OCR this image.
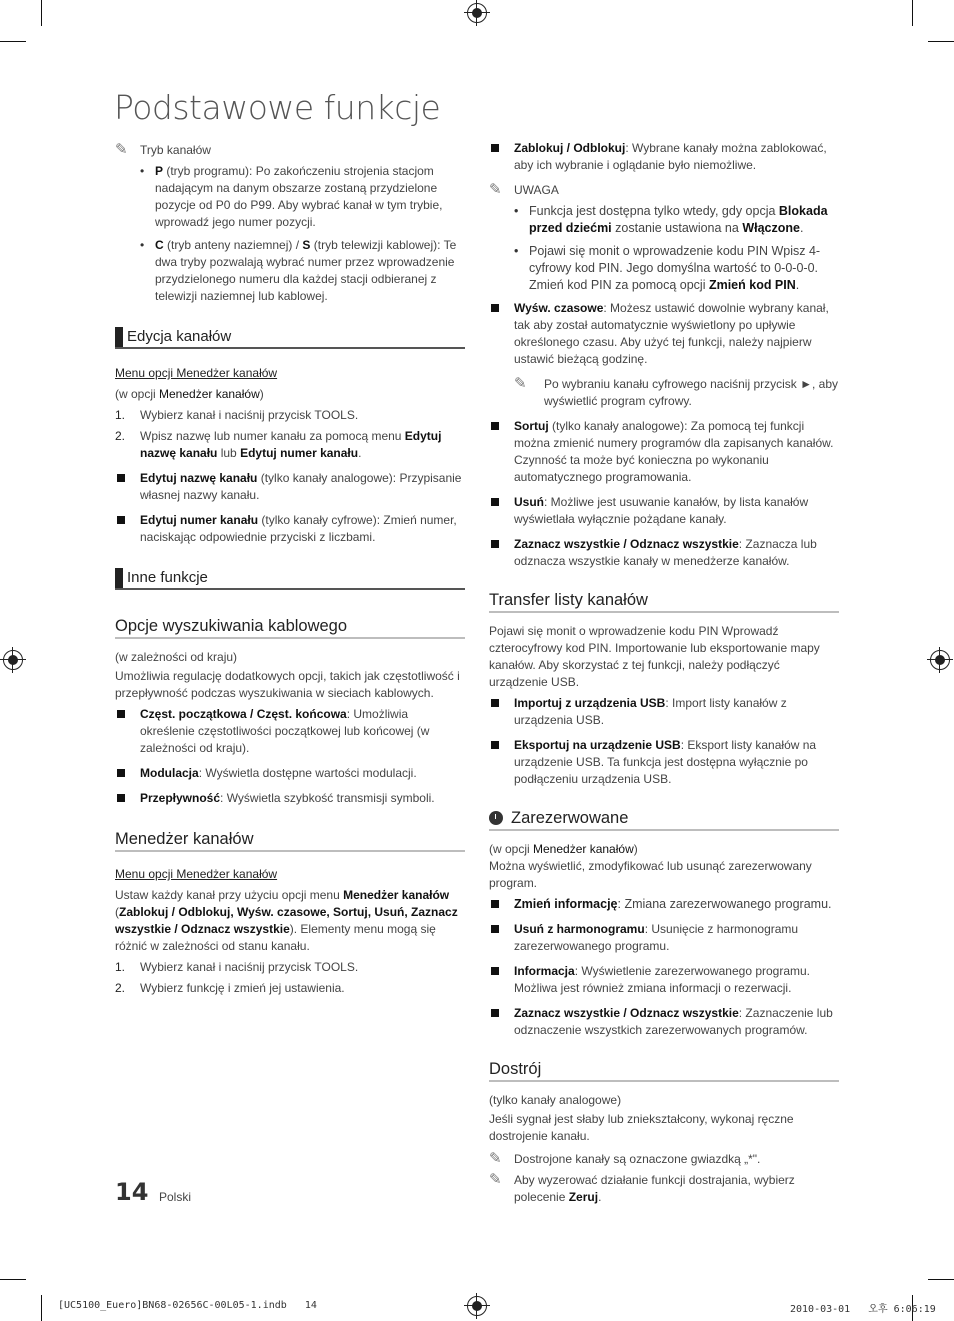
Podstawowe funkcje
✎ Tryb kanałów
• P (tryb programu): Po zakończeniu strojenia stacjom nadającym na danym obszarze zostaną przydzielone pozycje od P0 do P99. Aby wybrać kanał w tym trybie, wprowadź jego numer pozycji.
• C (tryb anteny naziemnej) / S (tryb telewizji kablowej): Te dwa tryby pozwalają wybrać numer przez wprowadzenie przydzielonego numeru dla każdej stacji odbieranej z telewizji naziemnej lub kablowej.
Edycja kanałów
Menu opcji Menedżer kanałów
(w opcji Menedżer kanałów)
1. Wybierz kanał i naciśnij przycisk TOOLS.
2. Wpisz nazwę lub numer kanału za pomocą menu Edytuj nazwę kanału lub Edytuj numer kanału.
Edytuj nazwę kanału (tylko kanały analogowe): Przypisanie własnej nazwy kanału.
Edytuj numer kanału (tylko kanały cyfrowe): Zmień numer, naciskając odpowiednie przyciski z liczbami.
Inne funkcje
Opcje wyszukiwania kablowego
(w zależności od kraju)
Umożliwia regulację dodatkowych opcji, takich jak częstotliwość i przepływność podczas wyszukiwania w sieciach kablowych.
Częst. początkowa / Częst. końcowa: Umożliwia określenie częstotliwości początkowej lub końcowej (w zależności od kraju).
Modulacja: Wyświetla dostępne wartości modulacji.
Przepływność: Wyświetla szybkość transmisji symboli.
Menedżer kanałów
Menu opcji Menedżer kanałów
Ustaw każdy kanał przy użyciu opcji menu Menedżer kanałów (Zablokuj / Odblokuj, Wyśw. czasowe, Sortuj, Usuń, Zaznacz wszystkie / Odznacz wszystkie). Elementy menu mogą się różnić w zależności od stanu kanału.
1. Wybierz kanał i naciśnij przycisk TOOLS.
2. Wybierz funkcję i zmień jej ustawienia.
Zablokuj / Odblokuj: Wybrane kanały można zablokować, aby ich wybranie i oglądanie było niemożliwe.
✎ UWAGA
• Funkcja jest dostępna tylko wtedy, gdy opcja Blokada przed dziećmi zostanie ustawiona na Włączone.
• Pojawi się monit o wprowadzenie kodu PIN Wpisz 4-cyfrowy kod PIN. Jego domyślna wartość to 0-0-0-0. Zmień kod PIN za pomocą opcji Zmień kod PIN.
Wyśw. czasowe: Możesz ustawić dowolnie wybrany kanał, tak aby został automatycznie wyświetlony po upływie określonego czasu. Aby użyć tej funkcji, należy najpierw ustawić bieżącą godzinę.
✎ Po wybraniu kanału cyfrowego naciśnij przycisk ►, aby wyświetlić program cyfrowy.
Sortuj (tylko kanały analogowe): Za pomocą tej funkcji można zmienić numery programów dla zapisanych kanałów. Czynność ta może być konieczna po wykonaniu automatycznego programowania.
Usuń: Możliwe jest usuwanie kanałów, by lista kanałów wyświetlała wyłącznie pożądane kanały.
Zaznacz wszystkie / Odznacz wszystkie: Zaznacza lub odznacza wszystkie kanały w menedżerze kanałów.
Transfer listy kanałów
Pojawi się monit o wprowadzenie kodu PIN Wprowadź czterocyfrowy kod PIN. Importowanie lub eksportowanie mapy kanałów. Aby skorzystać z tej funkcji, należy podłączyć urządzenie USB.
Importuj z urządzenia USB: Import listy kanałów z urządzenia USB.
Eksportuj na urządzenie USB: Eksport listy kanałów na urządzenie USB. Ta funkcja jest dostępna wyłącznie po podłączeniu urządzenia USB.
Zarezerwowane
(w opcji Menedżer kanałów)
Można wyświetlić, zmodyfikować lub usunąć zarezerwowany program.
Zmień informację: Zmiana zarezerwowanego programu.
Usuń z harmonogramu: Usunięcie z harmonogramu zarezerwowanego programu.
Informacja: Wyświetlenie zarezerwowanego programu. Możliwa jest również zmiana informacji o rezerwacji.
Zaznacz wszystkie / Odznacz wszystkie: Zaznaczenie lub odznaczenie wszystkich zarezerwowanych programów.
Dostrój
(tylko kanały analogowe)
Jeśli sygnał jest słaby lub zniekształcony, wykonaj ręczne dostrojenie kanału.
✎ Dostrojone kanały są oznaczone gwiazdką „*".
✎ Aby wyzerować działanie funkcji dostrajania, wybierz polecenie Zeruj.
14 Polski
[UC5100_Euero]BN68-02656C-00L05-1.indb 14	2010-03-01 오후 6:06:19
